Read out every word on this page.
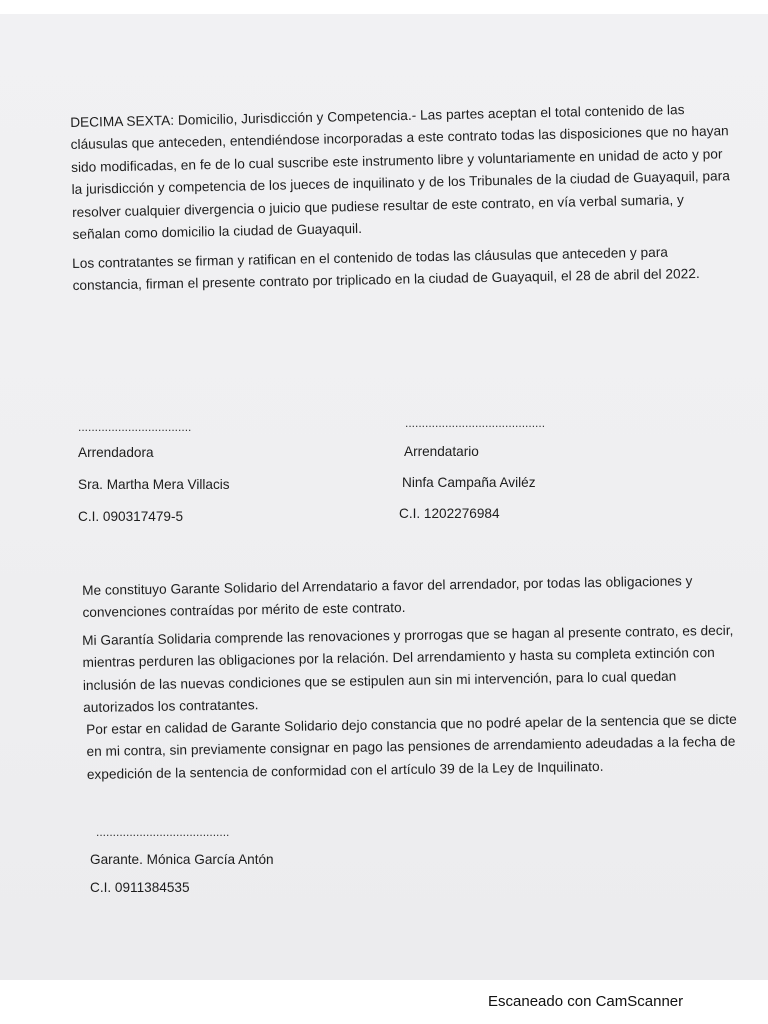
DECIMA SEXTA: Domicilio, Jurisdicción y Competencia.- Las partes aceptan el total contenido de las cláusulas que anteceden, entendiéndose incorporadas a este contrato todas las disposiciones que no hayan sido modificadas, en fe de lo cual suscribe este instrumento libre y voluntariamente en unidad de acto y por la jurisdicción y competencia de los jueces de inquilinato y de los Tribunales de la ciudad de Guayaquil, para resolver cualquier divergencia o juicio que pudiese resultar de este contrato, en vía verbal sumaria, y señalan como domicilio la ciudad de Guayaquil.

Los contratantes se firman y ratifican en el contenido de todas las cláusulas que anteceden y para constancia, firman el presente contrato por triplicado en la ciudad de Guayaquil, el 28 de abril del 2022.

..................................
Arrendadora
Sra. Martha Mera Villacis
C.I. 090317479-5
..........................................
Arrendatario
Ninfa Campaña Aviléz
C.I. 1202276984

Me constituyo Garante Solidario del Arrendatario a favor del arrendador, por todas las obligaciones y convenciones contraídas por mérito de este contrato.

Mi Garantía Solidaria comprende las renovaciones y prorrogas que se hagan al presente contrato, es decir, mientras perduren las obligaciones por la relación. Del arrendamiento y hasta su completa extinción con inclusión de las nuevas condiciones que se estipulen aun sin mi intervención, para lo cual quedan autorizados los contratantes.

Por estar en calidad de Garante Solidario dejo constancia que no podré apelar de la sentencia que se dicte en mi contra, sin previamente consignar en pago las pensiones de arrendamiento adeudadas a la fecha de expedición de la sentencia de conformidad con el artículo 39 de la Ley de Inquilinato.

........................................
Garante. Mónica García Antón
C.I. 0911384535
Escaneado con CamScanner
